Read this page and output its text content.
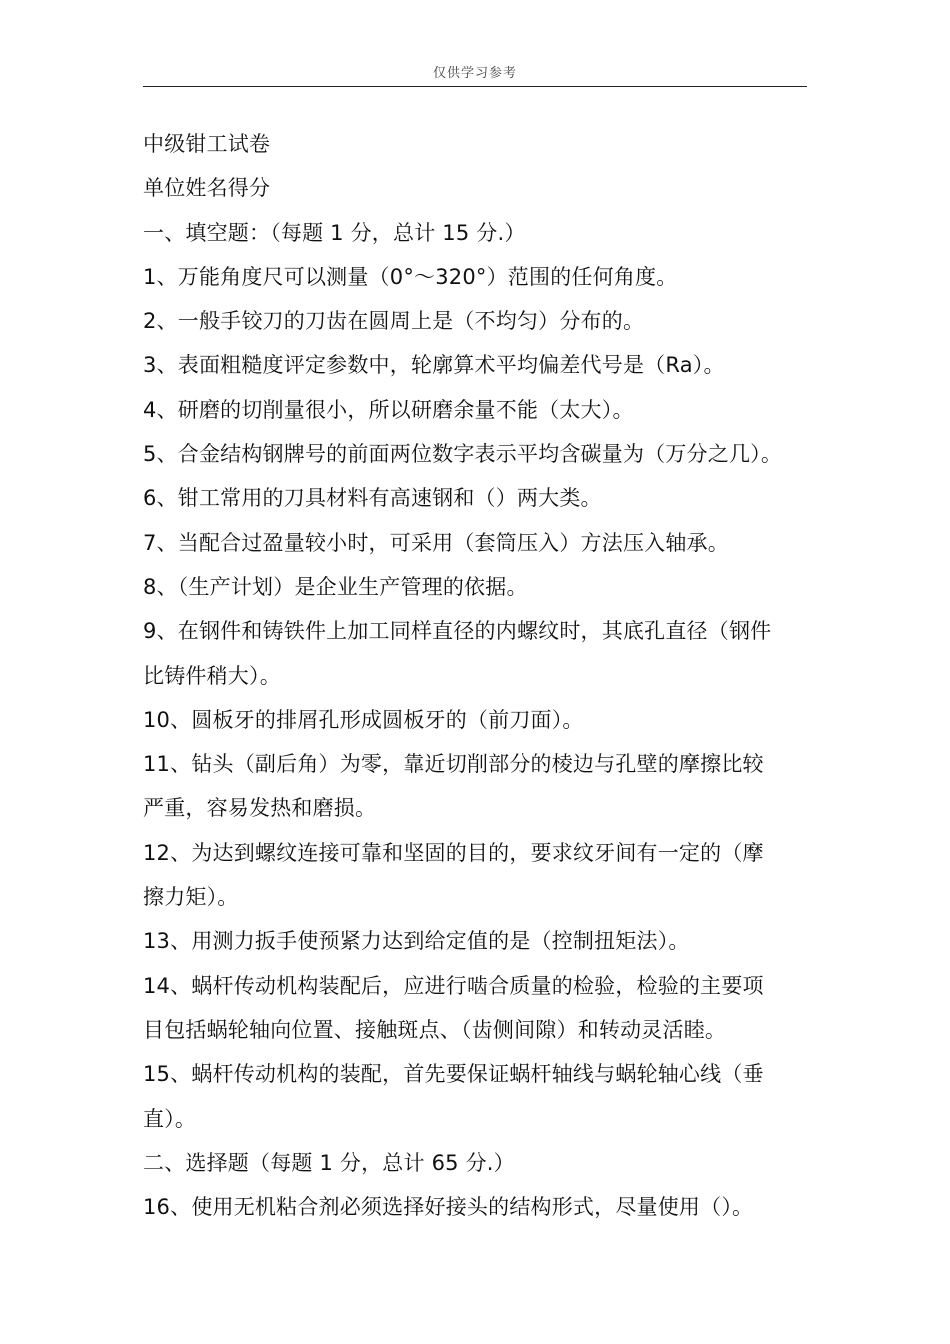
仅供学习参考
中级钳工试卷
单位姓名得分
一、填空题：（每题 1 分，总计 15 分.）
1、万能角度尺可以测量（0°～320°）范围的任何角度。
2、一般手铰刀的刀齿在圆周上是（不均匀）分布的。
3、表面粗糙度评定参数中，轮廓算术平均偏差代号是（Ra）。
4、研磨的切削量很小，所以研磨余量不能（太大）。
5、合金结构钢牌号的前面两位数字表示平均含碳量为（万分之几）。
6、钳工常用的刀具材料有高速钢和（）两大类。
7、当配合过盈量较小时，可采用（套筒压入）方法压入轴承。
8、（生产计划）是企业生产管理的依据。
9、在钢件和铸铁件上加工同样直径的内螺纹时，其底孔直径（钢件
比铸件稍大）。
10、圆板牙的排屑孔形成圆板牙的（前刀面）。
11、钻头（副后角）为零，靠近切削部分的棱边与孔壁的摩擦比较
严重，容易发热和磨损。
12、为达到螺纹连接可靠和坚固的目的，要求纹牙间有一定的（摩
擦力矩）。
13、用测力扳手使预紧力达到给定值的是（控制扭矩法）。
14、蜗杆传动机构装配后，应进行啮合质量的检验，检验的主要项
目包括蜗轮轴向位置、接触斑点、（齿侧间隙）和转动灵活睦。
15、蜗杆传动机构的装配，首先要保证蜗杆轴线与蜗轮轴心线（垂
直）。
二、选择题（每题 1 分，总计 65 分.）
16、使用无机粘合剂必须选择好接头的结构形式，尽量使用（）。
